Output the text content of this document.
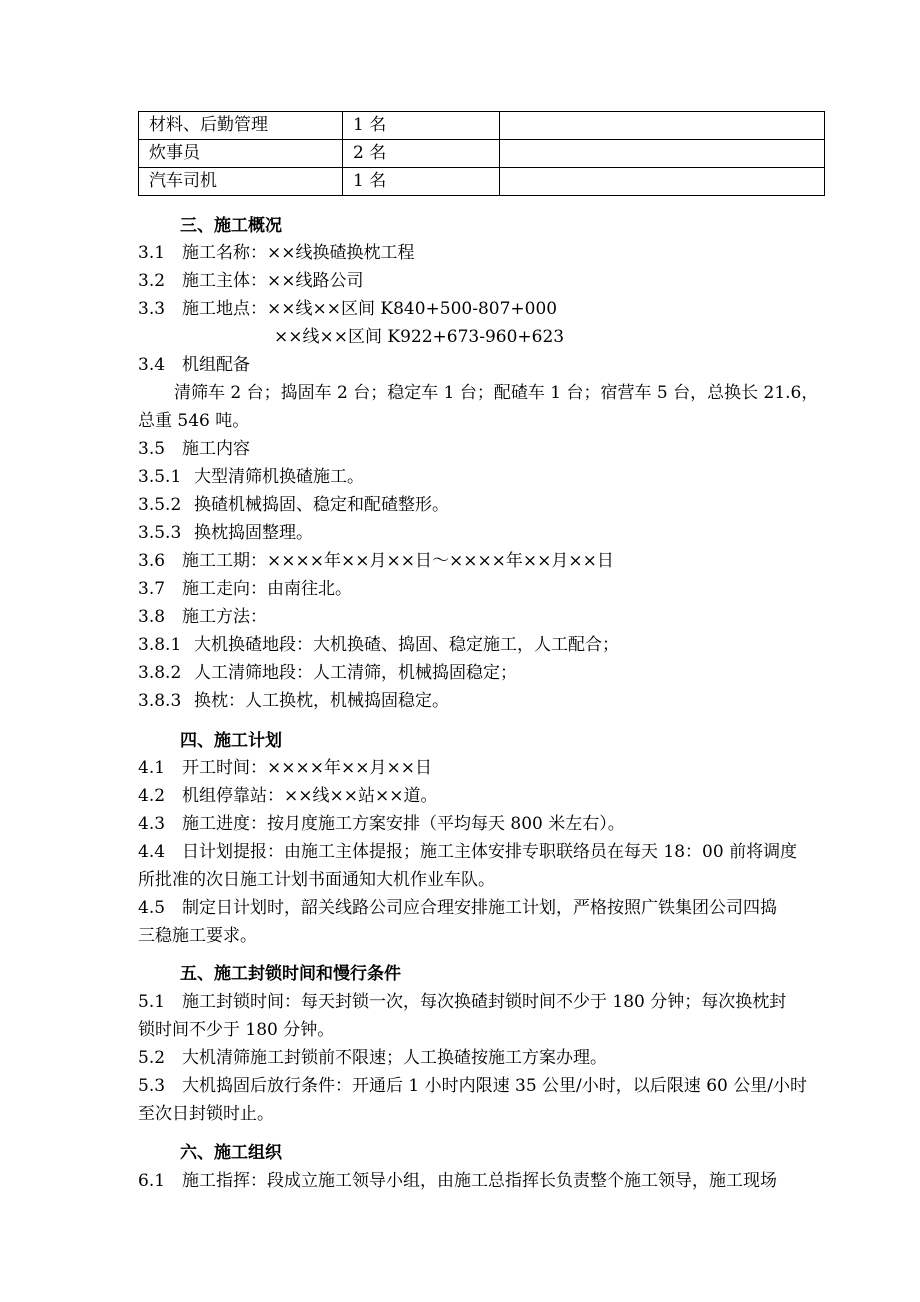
材料、后勤管理	1 名	
炊事员	2 名	
汽车司机	1 名	
三、施工概况
3.1 施工名称：××线换碴换枕工程
3.2 施工主体：××线路公司
3.3 施工地点：××线××区间 K840+500-807+000
××线××区间 K922+673-960+623
3.4 机组配备
清筛车 2 台；捣固车 2 台；稳定车 1 台；配碴车 1 台；宿营车 5 台，总换长 21.6，
总重 546 吨。
3.5 施工内容
3.5.1 大型清筛机换碴施工。
3.5.2 换碴机械捣固、稳定和配碴整形。
3.5.3 换枕捣固整理。
3.6 施工工期：××××年××月××日～××××年××月××日
3.7 施工走向：由南往北。
3.8 施工方法：
3.8.1 大机换碴地段：大机换碴、捣固、稳定施工，人工配合；
3.8.2 人工清筛地段：人工清筛，机械捣固稳定；
3.8.3 换枕：人工换枕，机械捣固稳定。
四、施工计划
4.1 开工时间：××××年××月××日
4.2 机组停靠站：××线××站××道。
4.3 施工进度：按月度施工方案安排（平均每天 800 米左右）。
4.4 日计划提报：由施工主体提报；施工主体安排专职联络员在每天 18：00 前将调度
所批准的次日施工计划书面通知大机作业车队。
4.5 制定日计划时，韶关线路公司应合理安排施工计划，严格按照广铁集团公司四捣
三稳施工要求。
五、施工封锁时间和慢行条件
5.1 施工封锁时间：每天封锁一次，每次换碴封锁时间不少于 180 分钟；每次换枕封
锁时间不少于 180 分钟。
5.2 大机清筛施工封锁前不限速；人工换碴按施工方案办理。
5.3 大机捣固后放行条件：开通后 1 小时内限速 35 公里/小时，以后限速 60 公里/小时
至次日封锁时止。
六、施工组织
6.1 施工指挥：段成立施工领导小组，由施工总指挥长负责整个施工领导，施工现场
